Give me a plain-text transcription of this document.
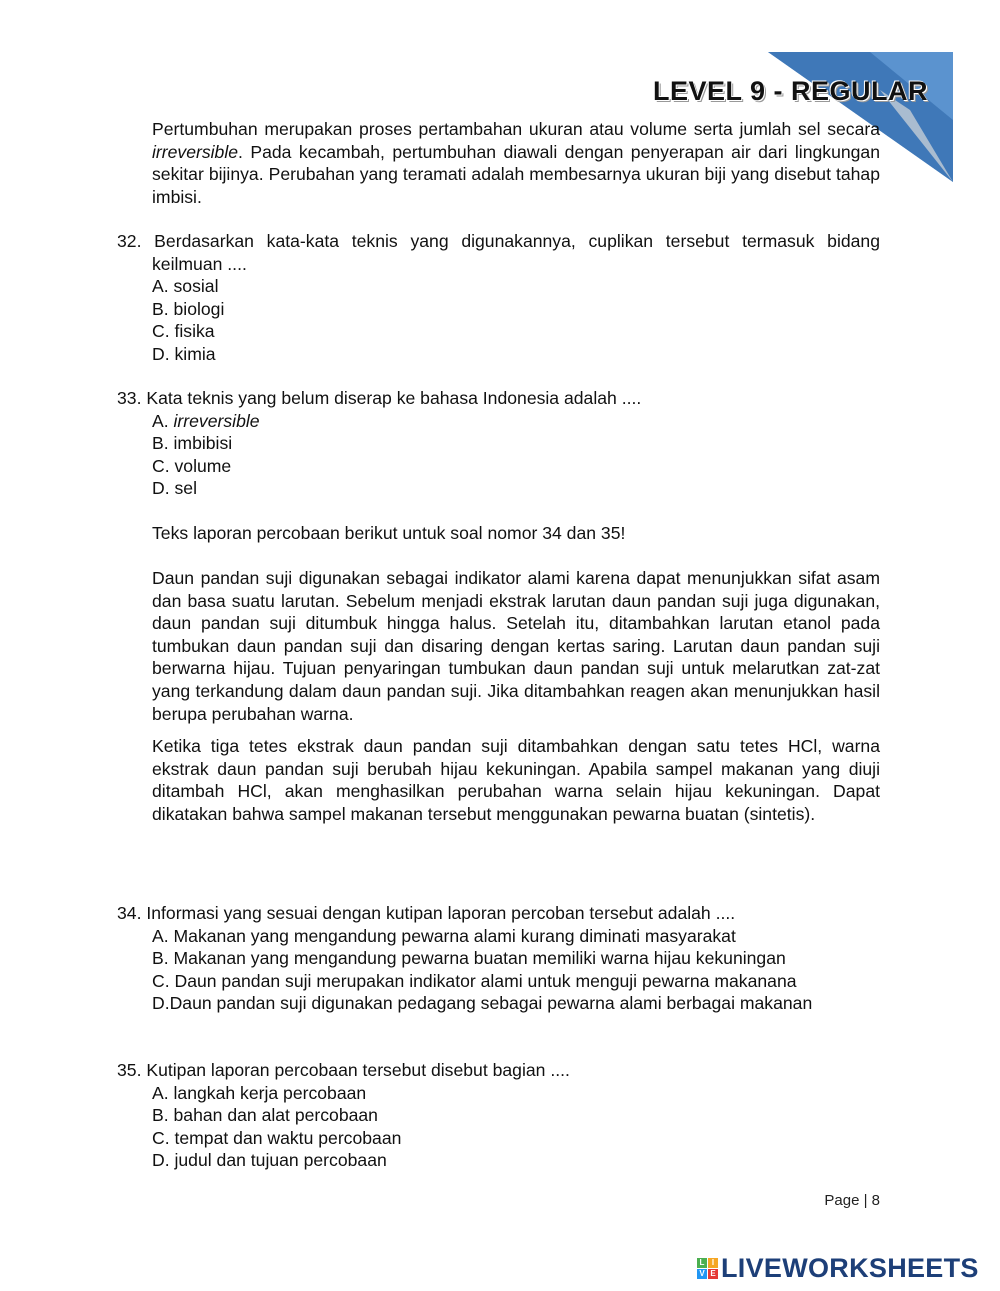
LEVEL 9 - REGULAR

Pertumbuhan merupakan proses pertambahan ukuran atau volume serta jumlah sel secara irreversible. Pada kecambah, pertumbuhan diawali dengan penyerapan air dari lingkungan sekitar bijinya. Perubahan yang teramati adalah membesarnya ukuran biji yang disebut tahap imbisi.

32. Berdasarkan kata-kata teknis yang digunakannya, cuplikan tersebut termasuk bidang keilmuan ....

A. sosial

B. biologi

C. fisika

D. kimia

33. Kata teknis yang belum diserap ke bahasa Indonesia adalah ....

A. irreversible

B. imbibisi

C. volume

D. sel

Teks laporan percobaan berikut untuk soal nomor 34 dan 35!

Daun pandan suji digunakan sebagai indikator alami karena dapat menunjukkan sifat asam dan basa suatu larutan. Sebelum menjadi ekstrak larutan daun pandan suji juga digunakan, daun pandan suji ditumbuk hingga halus. Setelah itu, ditambahkan larutan etanol pada tumbukan daun pandan suji dan disaring dengan kertas saring. Larutan daun pandan suji berwarna hijau. Tujuan penyaringan tumbukan daun pandan suji untuk melarutkan zat-zat yang terkandung dalam daun pandan suji. Jika ditambahkan reagen akan menunjukkan hasil berupa perubahan warna.

Ketika tiga tetes ekstrak daun pandan suji ditambahkan dengan satu tetes HCl, warna ekstrak daun pandan suji berubah hijau kekuningan. Apabila sampel makanan yang diuji ditambah HCl, akan menghasilkan perubahan warna selain hijau kekuningan. Dapat dikatakan bahwa sampel makanan tersebut menggunakan pewarna buatan (sintetis).

34. Informasi yang sesuai dengan kutipan laporan percoban tersebut adalah ....

A. Makanan yang mengandung pewarna alami kurang diminati masyarakat

B. Makanan yang mengandung pewarna buatan memiliki warna hijau kekuningan

C. Daun pandan suji merupakan indikator alami untuk menguji pewarna makanana

D.Daun pandan suji digunakan pedagang sebagai pewarna alami berbagai makanan

35. Kutipan laporan percobaan tersebut disebut bagian ....

A. langkah kerja percobaan

B. bahan dan alat percobaan

C. tempat dan waktu percobaan

D. judul dan tujuan percobaan

Page | 8
L I
V E LIVEWORKSHEETS
